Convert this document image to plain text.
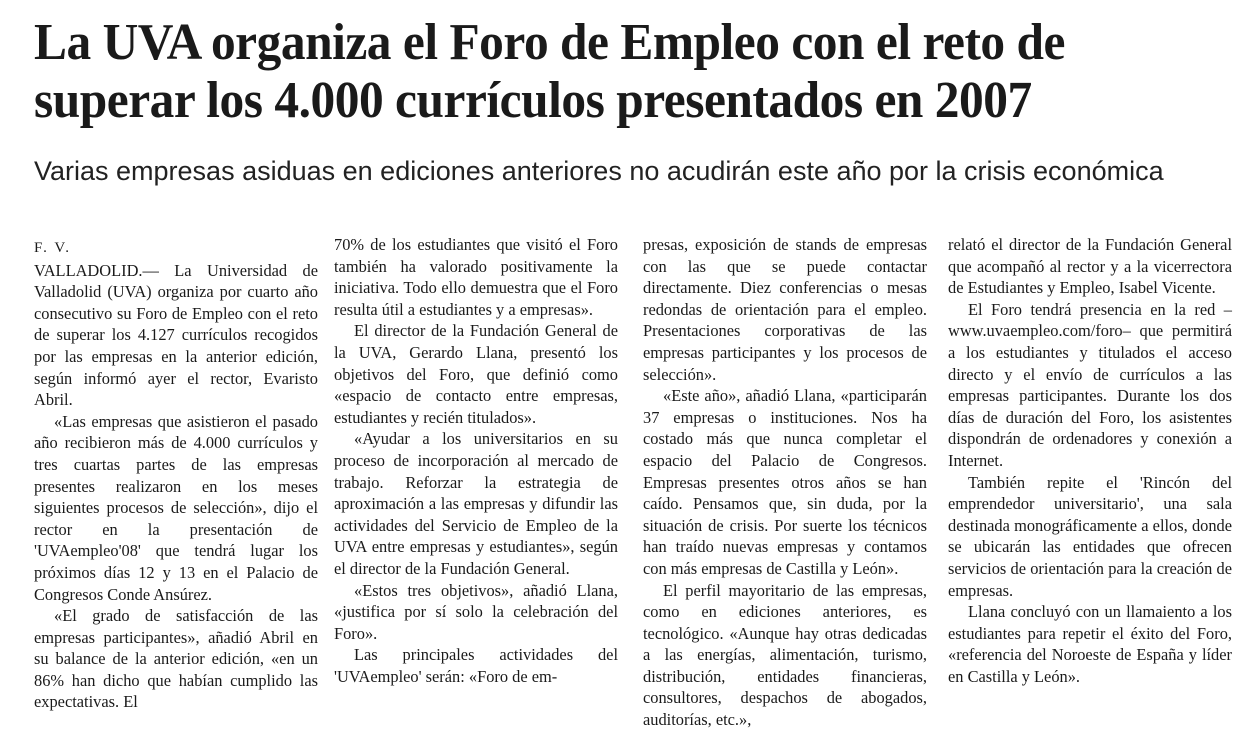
La UVA organiza el Foro de Empleo con el reto de
superar los 4.000 currículos presentados en 2007
Varias empresas asiduas en ediciones anteriores no acudirán este año por la crisis económica

F. V.

VALLADOLID.— La Universidad de Valladolid (UVA) organiza por cuarto año consecutivo su Foro de Empleo con el reto de superar los 4.127 currículos recogidos por las empresas en la anterior edición, según informó ayer el rector, Evaristo Abril.

«Las empresas que asistieron el pasado año recibieron más de 4.000 currículos y tres cuartas partes de las empresas presentes realizaron en los meses siguientes procesos de selección», dijo el rector en la presentación de 'UVAempleo'08' que tendrá lugar los próximos días 12 y 13 en el Palacio de Congresos Conde Ansúrez.

«El grado de satisfacción de las empresas participantes», añadió Abril en su balance de la anterior edición, «en un 86% han dicho que habían cumplido las expectativas. El

70% de los estudiantes que visitó el Foro también ha valorado positivamente la iniciativa. Todo ello demuestra que el Foro resulta útil a estudiantes y a empresas».

El director de la Fundación General de la UVA, Gerardo Llana, presentó los objetivos del Foro, que definió como «espacio de contacto entre empresas, estudiantes y recién titulados».

«Ayudar a los universitarios en su proceso de incorporación al mercado de trabajo. Reforzar la estrategia de aproximación a las empresas y difundir las actividades del Servicio de Empleo de la UVA entre empresas y estudiantes», según el director de la Fundación General.

«Estos tres objetivos», añadió Llana, «justifica por sí solo la celebración del Foro».

Las principales actividades del 'UVAempleo' serán: «Foro de em-

presas, exposición de stands de empresas con las que se puede contactar directamente. Diez conferencias o mesas redondas de orientación para el empleo. Presentaciones corporativas de las empresas participantes y los procesos de selección».

«Este año», añadió Llana, «participarán 37 empresas o instituciones. Nos ha costado más que nunca completar el espacio del Palacio de Congresos. Empresas presentes otros años se han caído. Pensamos que, sin duda, por la situación de crisis. Por suerte los técnicos han traído nuevas empresas y contamos con más empresas de Castilla y León».

El perfil mayoritario de las empresas, como en ediciones anteriores, es tecnológico. «Aunque hay otras dedicadas a las energías, alimentación, turismo, distribución, entidades financieras, consultores, despachos de abogados, auditorías, etc.»,

relató el director de la Fundación General que acompañó al rector y a la vicerrectora de Estudiantes y Empleo, Isabel Vicente.

El Foro tendrá presencia en la red –www.uvaempleo.com/foro– que permitirá a los estudiantes y titulados el acceso directo y el envío de currículos a las empresas participantes. Durante los dos días de duración del Foro, los asistentes dispondrán de ordenadores y conexión a Internet.

También repite el 'Rincón del emprendedor universitario', una sala destinada monográficamente a ellos, donde se ubicarán las entidades que ofrecen servicios de orientación para la creación de empresas.

Llana concluyó con un llamaiento a los estudiantes para repetir el éxito del Foro, «referencia del Noroeste de España y líder en Castilla y León».
